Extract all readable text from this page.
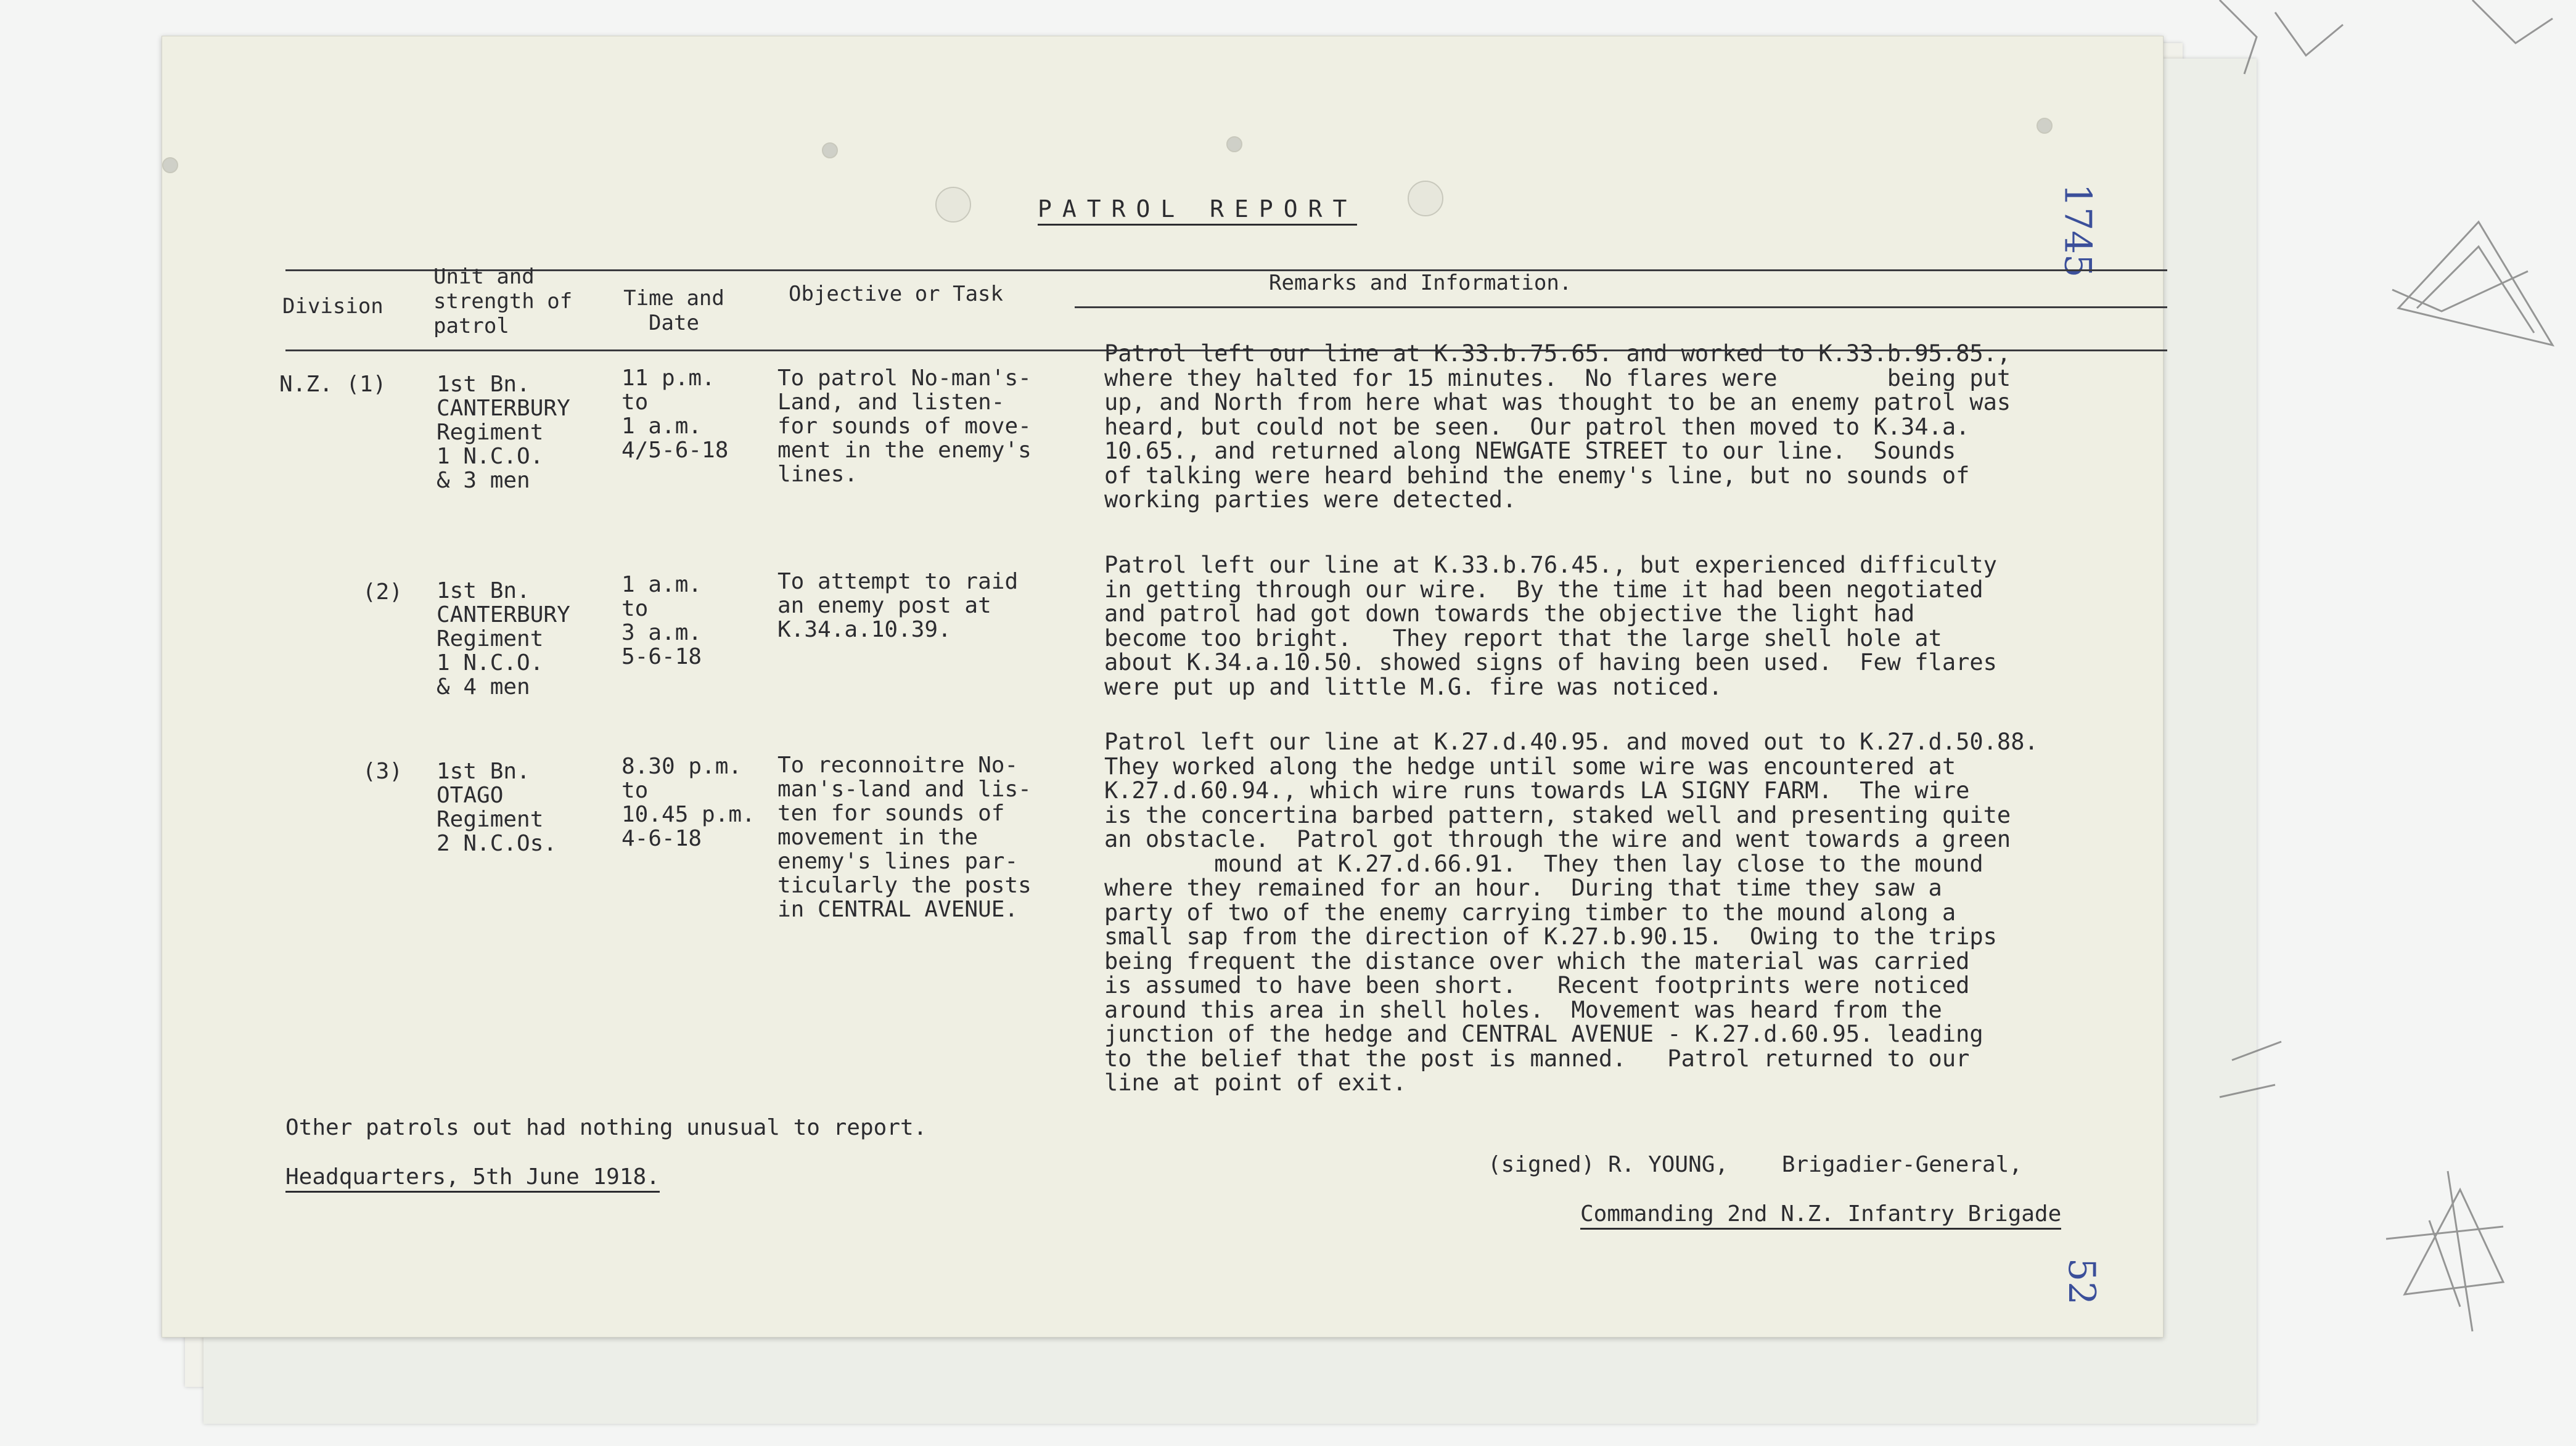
1745
52
PATROL REPORT
Division
Unit and strength of patrol
Time and Date
Objective or Task	Remarks and Information.
N.Z. (1) 1st Bn.
CANTERBURY
Regiment
1 N.C.O.
& 3 men
11 p.m.
to
1 a.m.
4/5-6-18
To patrol No-man's-
Land, and listen-
for sounds of move-
ment in the enemy's
lines.
Patrol left our line at K.33.b.75.65. and worked to K.33.b.95.85.,
where they halted for 15 minutes.  No flares were        being put
up, and North from here what was thought to be an enemy patrol was
heard, but could not be seen.  Our patrol then moved to K.34.a.
10.65., and returned along NEWGATE STREET to our line.  Sounds
of talking were heard behind the enemy's line, but no sounds of
working parties were detected.
(2) 1st Bn.
CANTERBURY
Regiment
1 N.C.O.
& 4 men
1 a.m.
to
3 a.m.
5-6-18
To attempt to raid
an enemy post at
K.34.a.10.39.
Patrol left our line at K.33.b.76.45., but experienced difficulty
in getting through our wire.  By the time it had been negotiated
and patrol had got down towards the objective the light had
become too bright.   They report that the large shell hole at
about K.34.a.10.50. showed signs of having been used.  Few flares
were put up and little M.G. fire was noticed.
(3) 1st Bn.
OTAGO
Regiment
2 N.C.Os.
8.30 p.m.
to
10.45 p.m.
4-6-18
To reconnoitre No-
man's-land and lis-
ten for sounds of
movement in the
enemy's lines par-
ticularly the posts
in CENTRAL AVENUE.
Patrol left our line at K.27.d.40.95. and moved out to K.27.d.50.88.
They worked along the hedge until some wire was encountered at
K.27.d.60.94., which wire runs towards LA SIGNY FARM.  The wire
is the concertina barbed pattern, staked well and presenting quite
an obstacle.  Patrol got through the wire and went towards a green
mound at K.27.d.66.91.  They then lay close to the mound
where they remained for an hour.  During that time they saw a
party of two of the enemy carrying timber to the mound along a
small sap from the direction of K.27.b.90.15.  Owing to the trips
being frequent the distance over which the material was carried
is assumed to have been short.   Recent footprints were noticed
around this area in shell holes.  Movement was heard from the
junction of the hedge and CENTRAL AVENUE - K.27.d.60.95. leading
to the belief that the post is manned.   Patrol returned to our
line at point of exit.
Other patrols out had nothing unusual to report.
Headquarters, 5th June 1918.	(signed) R. YOUNG,    Brigadier-General,
Commanding 2nd N.Z. Infantry Brigade
